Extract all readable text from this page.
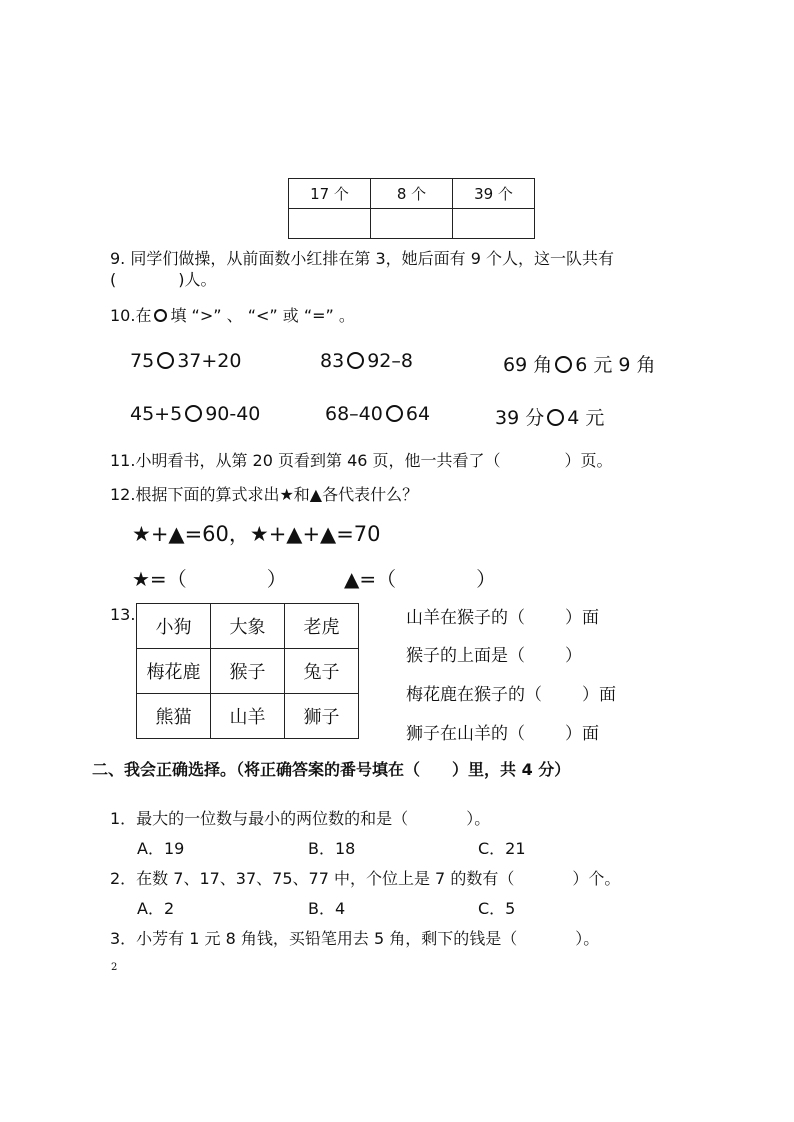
17 个	8 个	39 个

9. 同学们做操，从前面数小红排在第 3，她后面有 9 个人，这一队共有
(	)人。
10.在 填 “>” 、 “<” 或 “=” 。
75 37+20	83 92–8	69 角 6 元 9 角
45+5 90-40	68–40 64	39 分 4 元
11.小明看书，从第 20 页看到第 46 页，他一共看了（	）页。
12.根据下面的算式求出★和▲各代表什么？
★+▲=60，★+▲+▲=70
★=（	）	▲=（	）
13.
小狗	大象	老虎
梅花鹿	猴子	兔子
熊猫	山羊	狮子
山羊在猴子的（ ）面
猴子的上面是（ ）
梅花鹿在猴子的（ ）面
狮子在山羊的（ ）面
二、我会正确选择。（将正确答案的番号填在（　　）里，共 4 分）
1．最大的一位数与最小的两位数的和是（	）。
A．19	B．18	C．21
2．在数 7、17、37、75、77 中，个位上是 7 的数有（	）个。
A．2	B．4	C．5
3．小芳有 1 元 8 角钱，买铅笔用去 5 角，剩下的钱是（	）。
2
